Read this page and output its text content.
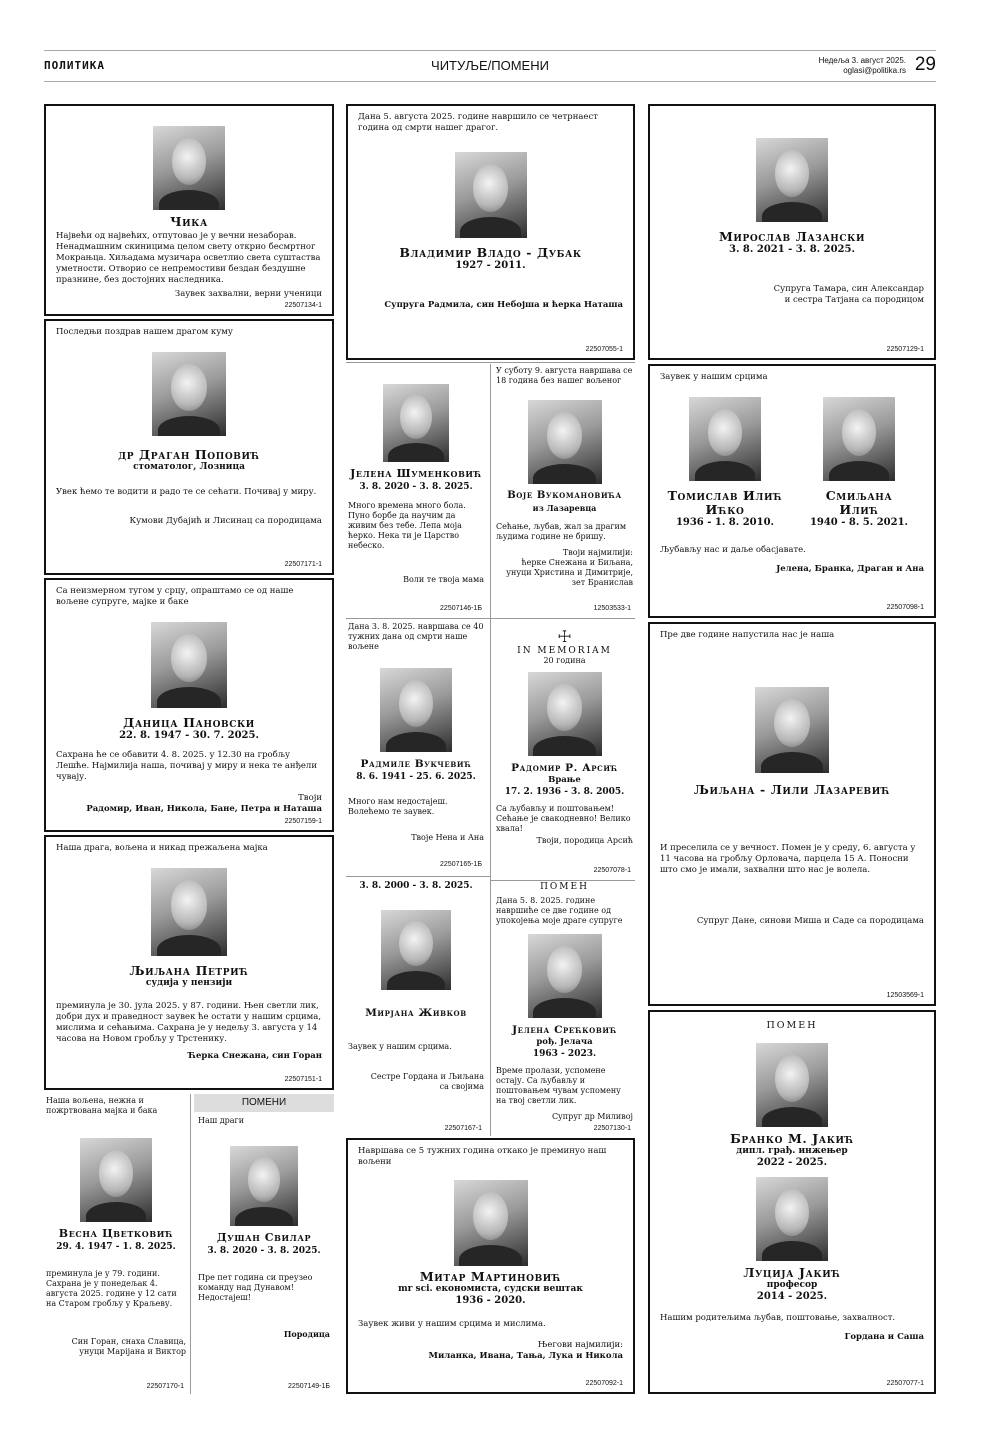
ПОЛИТИКА	ЧИТУЉЕ/ПОМЕНИ	Недеља 3. август 2025.
oglasi@politika.rs 29
Чика
Највећи од највећих, отпутовао је у вечни незаборав. Ненадмашним скиницима целом свету открио бесмртног Мокрањца. Хиљадама музичара осветлио света суштаства уметности. Отворио се непремостиви бездан бездушне празнине, без достојних наследника.
Заувек захвални, верни ученици
22507134-1
Последњи поздрав нашем драгом куму
др Драган Поповић
стоматолог, Лозница
Увек ћемо те водити и радо те се сећати. Почивај у миру.
Кумови Дубајић и Лисинац са породицама
22507171-1
Са неизмерном тугом у срцу, опраштамо се од наше вољене супруге, мајке и баке
Даница Пановски
22. 8. 1947 - 30. 7. 2025.
Сахрана ће се обавити 4. 8. 2025. у 12.30 на гробљу Лешће. Најмилија наша, почивај у миру и нека те анђели чувају.
Твоји
Радомир, Иван, Никола, Бане, Петра и Наташа
22507159-1
Наша драга, вољена и никад прежаљена мајка
Љиљана Петрић
судија у пензији
преминула је 30. јула 2025. у 87. години. Њен светли лик, добри дух и праведност заувек ће остати у нашим срцима, мислима и сећањима. Сахрана је у недељу 3. августа у 14 часова на Новом гробљу у Трстенику.
Ћерка Снежана, син Горан
22507151-1
Наша вољена, нежна и пожртвована мајка и бака
Весна Цветковић
29. 4. 1947 - 1. 8. 2025.
преминула је у 79. години. Сахрана је у понедељак 4. августа 2025. године у 12 сати на Старом гробљу у Краљеву.
Син Горан, снаха Славица,
унуци Марijана и Виктор
22507170-1
ПОМЕНИ
Наш драги
Душан Свилар
3. 8. 2020 - 3. 8. 2025.
Пре пет година си преузео команду над Дунавом! Недостајеш!
Породица
22507149-1Б
Дана 5. августа 2025. године навршило се четрнаест година од смрти нашег драгог.
Владимир Владо - Дубак
1927 - 2011.
Супруга Радмила, син Небојша и ћерка Наташа
22507055-1
Јелена Шуменковић
3. 8. 2020 - 3. 8. 2025.
Много времена много бола. Пуно борбе да научим да живим без тебе. Лепа моја ћерко. Нека ти је Царство небеско.
Воли те твоја мама
22507146-1Б
У суботу 9. августа навршава се 18 година без нашег вољеног
Воје Вукомановића
из Лазаревца
Сећање, љубав, жал за драгим људима године не бришу.
Твоји најмилији:
ћерке Снежана и Биљана,
унуци Христина и Димитрије,
зет Бранислав
12503533-1
Дана 3. 8. 2025. навршава се 40 тужних дана од смрти наше вољене
Радмиле Вукчевић
8. 6. 1941 - 25. 6. 2025.
Много нам недостајеш. Волећемо те заувек.
Твоје Нена и Ана
22507165-1Б
☩
IN MEMORIAM
20 година
Радомир Р. Арсић
Врање
17. 2. 1936 - 3. 8. 2005.
Са љубављу и поштовањем! Сећање је свакодневно! Велико хвала!
Твоји, породица Арсић
22507078-1
3. 8. 2000 - 3. 8. 2025.
Мирјана Живков
Заувек у нашим срцима.
Сестре Гордана и Љиљана
са својима
22507167-1
ПОМЕН
Дана 5. 8. 2025. године навршиће се две године од упокојења моје драге супруге
Јелена Срећковић
рођ. Јелача
1963 - 2023.
Време пролази, успомене остају. Са љубављу и поштовањем чувам успомену на твој светли лик.
Супруг др Миливој
22507130-1
Навршава се 5 тужних година откако је преминуо наш вољени
Митар Мартиновић
mr sci. економиста, судски вештак
1936 - 2020.
Заувек живи у нашим срцима и мислима.
Његови најмилији:
Миланка, Ивана, Тања, Лука и Никола
22507092-1
Мирослав Лазански
3. 8. 2021 - 3. 8. 2025.
Супруга Тамара, син Александар
и сестра Татјана са породицом
22507129-1
Заувек у нашим срцима
Томислав Илић
Ићко
1936 - 1. 8. 2010.
Смиљана
Илић
1940 - 8. 5. 2021.
Љубављу нас и даље обасјавате.
Јелена, Бранка, Драган и Ана
22507098-1
Пре две године напустила нас је наша
Љиљана - Лили Лазаревић
И преселила се у вечност. Помен је у среду, 6. августа у 11 часова на гробљу Орловача, парцела 15 А. Поносни што смо је имали, захвални што нас је волела.
Супруг Дане, синови Миша и Саде са породицама
12503569-1
ПОМЕН
Бранко М. Јакић
дипл. грађ. инжењер
2022 - 2025.
Луција Јакић
професор
2014 - 2025.
Нашим родитељима љубав, поштовање, захвалност.
Гордана и Саша
22507077-1
